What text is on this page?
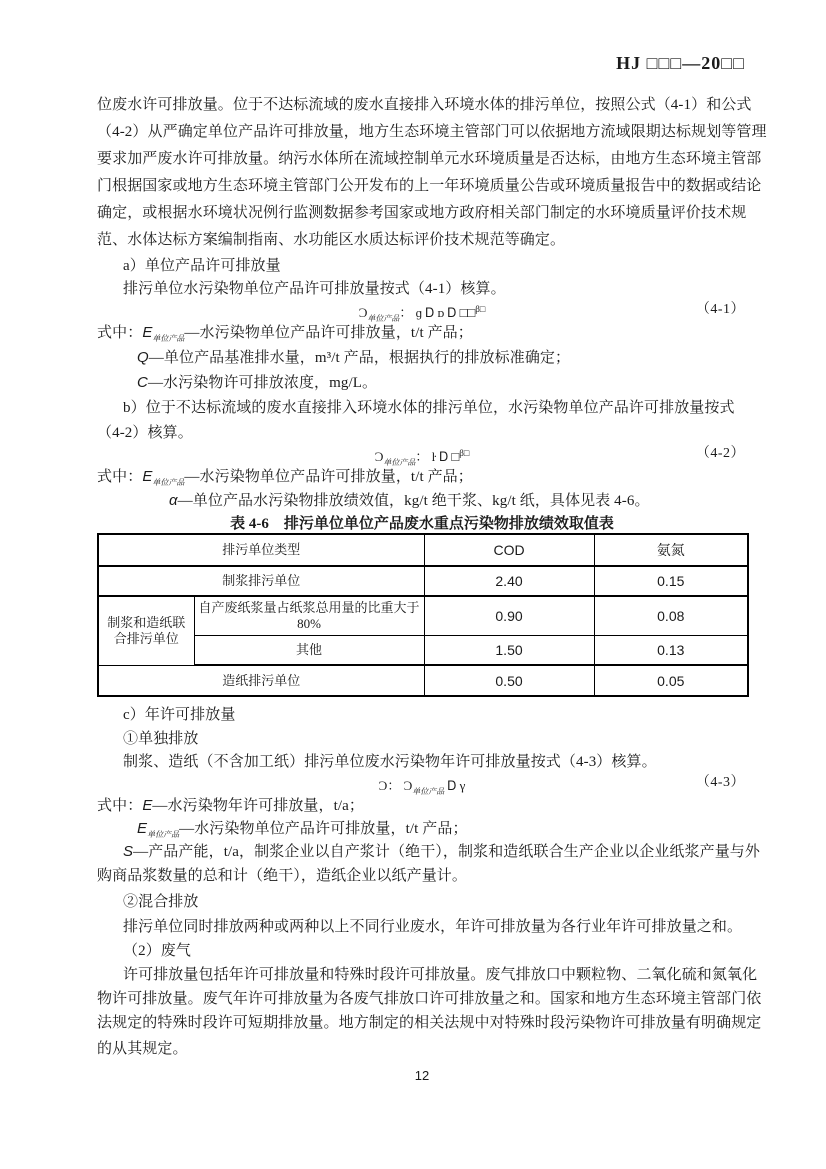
HJ □□□—20□□
位废水许可排放量。位于不达标流域的废水直接排入环境水体的排污单位，按照公式（4-1）和公式
（4-2）从严确定单位产品许可排放量，地方生态环境主管部门可以依据地方流域限期达标规划等管理
要求加严废水许可排放量。纳污水体所在流域控制单元水环境质量是否达标，由地方生态环境主管部
门根据国家或地方生态环境主管部门公开发布的上一年环境质量公告或环境质量报告中的数据或结论
确定，或根据水环境状况例行监测数据参考国家或地方政府相关部门制定的水环境质量评价技术规
范、水体达标方案编制指南、水功能区水质达标评价技术规范等确定。
a）单位产品许可排放量
排污单位水污染物单位产品许可排放量按式（4-1）核算。
$Ɔ_{单位产品}$： ɡ Ꭰ ᴅ Ꭰ □□$^{\beta□}$	（4-1）
式中：$E_{单位产品}—$水污染物单位产品许可排放量，t/t 产品；
Q—单位产品基准排水量，m³/t 产品，根据执行的排放标准确定；
C—水污染物许可排放浓度，mg/L。
b）位于不达标流域的废水直接排入环境水体的排污单位，水污染物单位产品许可排放量按式
（4-2）核算。
$Ɔ_{单位产品}$： ŀ Ꭰ □$^{\beta□}$	（4-2）
式中：$E_{单位产品}—$水污染物单位产品许可排放量，t/t 产品；
α—单位产品水污染物排放绩效值，kg/t 绝干浆、kg/t 纸，具体见表 4-6。
表 4-6　排污单位单位产品废水重点污染物排放绩效取值表
排污单位类型		COD	氨氮
制浆排污单位		2.40	0.15
制浆和造纸联合排污单位	自产废纸浆量占纸浆总用量的比重大于 80%	0.90	0.08
	其他	1.50	0.13
造纸排污单位		0.50	0.05
c）年许可排放量
①单独排放
制浆、造纸（不含加工纸）排污单位废水污染物年许可排放量按式（4-3）核算。
Ɔ： $Ɔ_{单位产品}$ Ꭰ γ	（4-3）
式中：E—水污染物年许可排放量，t/a；
$E_{单位产品}—$水污染物单位产品许可排放量，t/t 产品；
S—产品产能，t/a，制浆企业以自产浆计（绝干），制浆和造纸联合生产企业以企业纸浆产量与外
购商品浆数量的总和计（绝干），造纸企业以纸产量计。
②混合排放
排污单位同时排放两种或两种以上不同行业废水，年许可排放量为各行业年许可排放量之和。
（2）废气
许可排放量包括年许可排放量和特殊时段许可排放量。废气排放口中颗粒物、二氧化硫和氮氧化
物许可排放量。废气年许可排放量为各废气排放口许可排放量之和。国家和地方生态环境主管部门依
法规定的特殊时段许可短期排放量。地方制定的相关法规中对特殊时段污染物许可排放量有明确规定
的从其规定。
12
